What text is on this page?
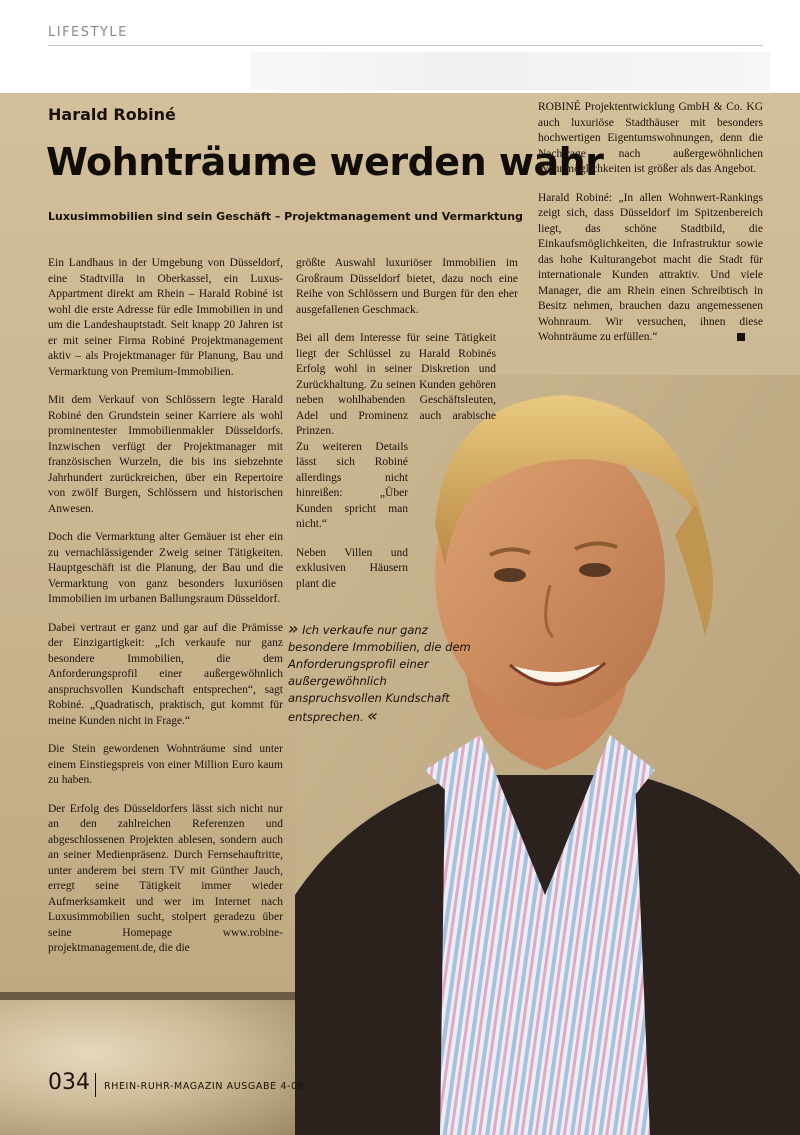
LIFESTYLE
Harald Robiné
Wohnträume werden wahr
Luxusimmobilien sind sein Geschäft – Projektmanagement und Vermarktung

Ein Landhaus in der Umgebung von Düsseldorf, eine Stadtvilla in Oberkassel, ein Luxus-Appartment direkt am Rhein – Harald Robiné ist wohl die erste Adresse für edle Immobilien in und um die Landeshauptstadt. Seit knapp 20 Jahren ist er mit seiner Firma Robiné Projektmanagement aktiv – als Projektmanager für Planung, Bau und Vermarktung von Premium-Immobilien.

Mit dem Verkauf von Schlössern legte Harald Robiné den Grundstein seiner Karriere als wohl prominentester Immobilienmakler Düsseldorfs. Inzwischen verfügt der Projektmanager mit französischen Wurzeln, die bis ins siebzehnte Jahrhundert zurückreichen, über ein Repertoire von zwölf Burgen, Schlössern und historischen Anwesen.

Doch die Vermarktung alter Gemäuer ist eher ein zu vernachlässigender Zweig seiner Tätigkeiten. Hauptgeschäft ist die Planung, der Bau und die Vermarktung von ganz besonders luxuriösen Immobilien im urbanen Ballungsraum Düsseldorf.

Dabei vertraut er ganz und gar auf die Prämisse der Einzigartigkeit: „Ich verkaufe nur ganz besondere Immobilien, die dem Anforderungsprofil einer außergewöhnlich anspruchsvollen Kundschaft entsprechen“, sagt Robiné. „Quadratisch, praktisch, gut kommt für meine Kunden nicht in Frage.“

Die Stein gewordenen Wohnträume sind unter einem Einstiegspreis von einer Million Euro kaum zu haben.

Der Erfolg des Düsseldorfers lässt sich nicht nur an den zahlreichen Referenzen und abgeschlossenen Projekten ablesen, sondern auch an seiner Medienpräsenz. Durch Fernsehauftritte, unter anderem bei stern TV mit Günther Jauch, erregt seine Tätigkeit immer wieder Aufmerksamkeit und wer im Internet nach Luxusimmobilien sucht, stolpert geradezu über seine Homepage www.robine-projektmanagement.de, die die

größte Auswahl luxuriöser Immobilien im Großraum Düsseldorf bietet, dazu noch eine Reihe von Schlössern und Burgen für den eher ausgefallenen Geschmack.

Bei all dem Interesse für seine Tätigkeit liegt der Schlüssel zu Harald Robinés Erfolg wohl in seiner Diskretion und Zurückhaltung. Zu seinen Kunden gehören neben wohlhabenden Geschäftsleuten, Adel und Prominenz auch arabische Prinzen.

Zu weiteren Details lässt sich Robiné allerdings nicht hinreißen: „Über Kunden spricht man nicht.“

Neben Villen und exklusiven Häusern plant die

ROBINÉ Projektentwicklung GmbH & Co. KG auch luxuriöse Stadthäuser mit besonders hochwertigen Eigentumswohnungen, denn die Nachfrage nach außergewöhnlichen Wohnmöglichkeiten ist größer als das Angebot.

Harald Robiné: „In allen Wohnwert-Rankings zeigt sich, dass Düsseldorf im Spitzenbereich liegt, das schöne Stadtbild, die Einkaufsmöglichkeiten, die Infrastruktur sowie das hohe Kulturangebot macht die Stadt für internationale Kunden attraktiv. Und viele Manager, die am Rhein einen Schreibtisch in Besitz nehmen, brauchen dazu angemessenen Wohnraum. Wir versuchen, ihnen diese Wohnträume zu erfüllen.“

» Ich verkaufe nur ganz besondere Immobilien, die dem Anforderungsprofil einer außergewöhnlich anspruchsvollen Kundschaft entsprechen. «
034 RHEIN-RUHR-MAGAZIN AUSGABE 4-08
